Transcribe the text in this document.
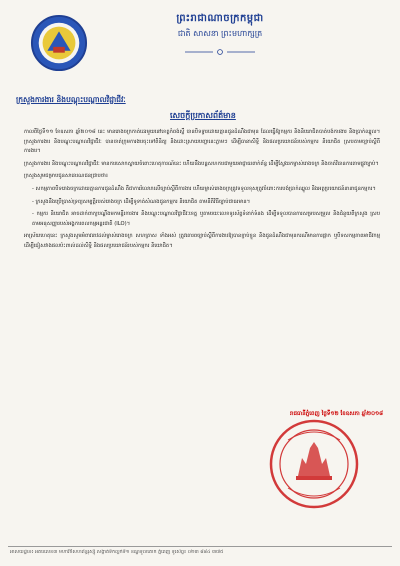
ព្រះរាជាណាចក្រកម្ពុជា
ជាតិ សាសនា ព្រះមហាក្សត្រ
ក្រសួងការងារ និងបណ្តុះបណ្តាលវិជ្ជាជីវៈ
សេចក្តីប្រកាសព័ត៌មាន

កាលពីថ្ងៃទី១១ ខែឧសភា ឆ្នាំ២០១៨ នេះ មានរោងចក្រកាត់ដេរមួយនៅខេត្តកំពង់ស្ពឺ បានបិទទ្វារដោយគ្មានជូនដំណឹងជាមុន ដែលធ្វើឱ្យកម្មករ និងនិយោជិតបាត់បង់ការងារ និងប្រាក់ឈ្នួល។ ក្រសួងការងារ និងបណ្តុះបណ្តាលវិជ្ជាជីវៈ បានចាត់ក្រុមការងារចុះទៅពិនិត្យ និងដោះស្រាយបញ្ហានេះភ្លាមៗ ដើម្បីធានាសិទ្ធិ និងផលប្រយោជន៍របស់កម្មករ និយោជិត ស្របតាមច្បាប់ស្តីពីការងារ។

ក្រសួងការងារ និងបណ្តុះបណ្តាលវិជ្ជាជីវៈ មានការសោកស្តាយចំពោះហេតុការណ៍នេះ ហើយនឹងបន្តសហការជាមួយអាជ្ញាធរពាក់ព័ន្ធ ដើម្បីស្វែងរកម្ចាស់រោងចក្រ និងចាត់វិធានការតាមផ្លូវច្បាប់។

ក្រសួងសូមជម្រាបជូនសាធារណជនជ្រាបថា៖

- សកម្មភាពបិទរោងចក្រដោយគ្មានការជូនដំណឹង គឺជាការរំលោភលើច្បាប់ស្តីពីការងារ ហើយម្ចាស់រោងចក្រត្រូវទទួលខុសត្រូវចំពោះការបង់ប្រាក់ឈ្នួល និងអត្ថប្រយោជន៍នានាជូនកម្មករ។

- ក្រសួងនឹងប្រើប្រាស់ទ្រព្យសម្បត្តិរបស់រោងចក្រ ដើម្បីទូទាត់សំណងជូនកម្មករ និយោជិត តាមនីតិវិធីច្បាប់ជាធរមាន។

- កម្មករ និយោជិត អាចដាក់ពាក្យបណ្តឹងមកមន្ទីរការងារ និងបណ្តុះបណ្តាលវិជ្ជាជីវៈខេត្ត ឬតាមរយៈលេខទូរស័ព្ទទំនាក់ទំនង ដើម្បីទទួលបានការសម្របសម្រួល និងជំនួយពីក្រសួង ស្របតាមអនុសញ្ញារបស់អង្គការពលកម្មអន្តរជាតិ (ILO)។

អាស្រ័យហេតុនេះ ក្រសួងសូមអំពាវនាវដល់ម្ចាស់រោងចក្រ សហគ្រាស ទាំងអស់ ត្រូវគោរពច្បាប់ស្តីពីការងារឱ្យបានខ្ជាប់ខ្ជួន និងជូនដំណឹងជាមុនករណីមានការផ្អាក ឬបិទសកម្មភាពអាជីវកម្ម ដើម្បីជៀសវាងផលប៉ះពាល់ដល់សិទ្ធិ និងផលប្រយោជន៍របស់កម្មករ និយោជិត។

រាជធានីភ្នំពេញ ថ្ងៃទី១២ ខែឧសភា ឆ្នាំ២០១៨
អាសយដ្ឋាន៖ អគារលេខ៣ មហាវិថីសហព័ន្ធរុស្ស៊ី សង្កាត់ទឹកល្អក់ទី១ ខណ្ឌទួលគោក ភ្នំពេញ ទូរស័ព្ទ៖ ០២៣ ៨៨៤ ៣៧៥
